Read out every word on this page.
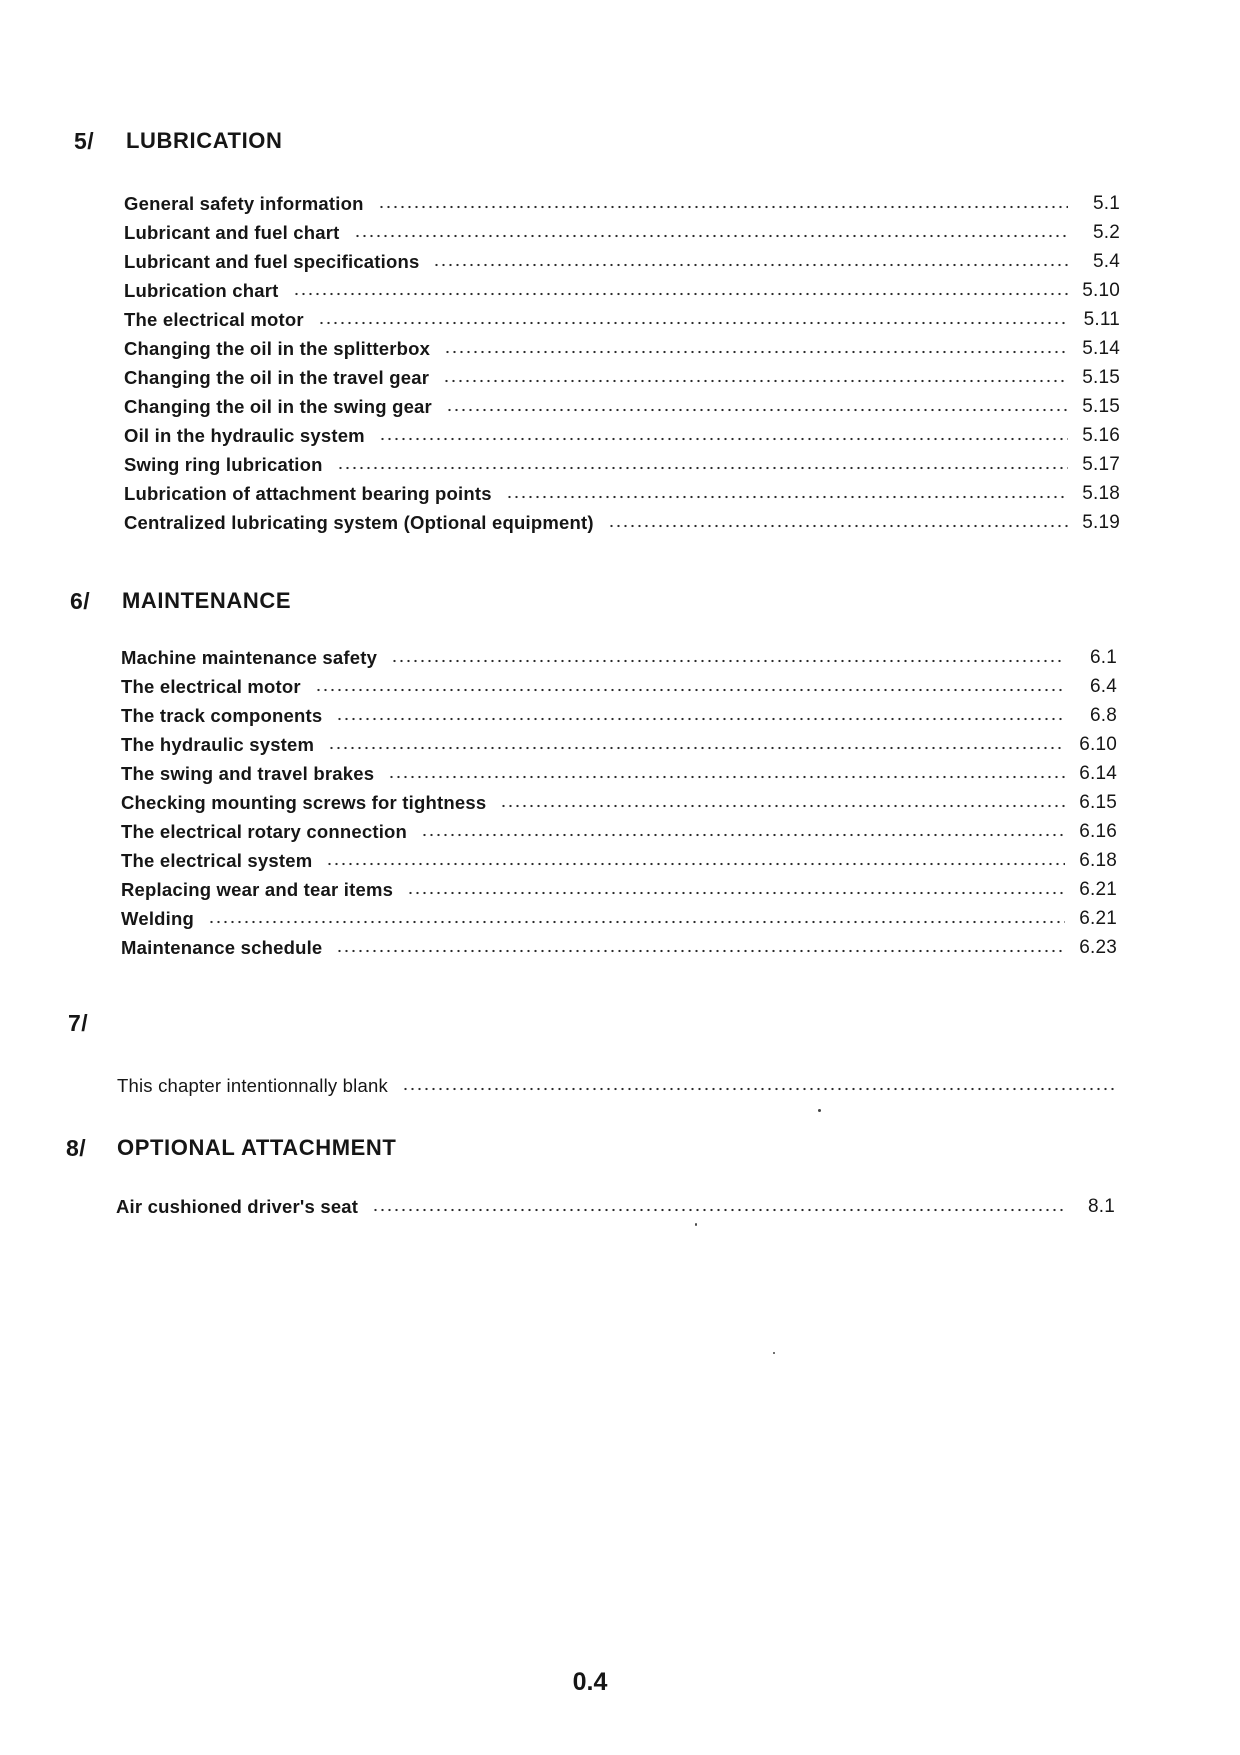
5/ LUBRICATION
General safety information	5.1
Lubricant and fuel chart	5.2
Lubricant and fuel specifications	5.4
Lubrication chart	5.10
The electrical motor	5.11
Changing the oil in the splitterbox	5.14
Changing the oil in the travel gear	5.15
Changing the oil in the swing gear	5.15
Oil in the hydraulic system	5.16
Swing ring lubrication	5.17
Lubrication of attachment bearing points	5.18
Centralized lubricating system (Optional equipment)	5.19
6/ MAINTENANCE
Machine maintenance safety	6.1
The electrical motor	6.4
The track components	6.8
The hydraulic system	6.10
The swing and travel brakes	6.14
Checking mounting screws for tightness	6.15
The electrical rotary connection	6.16
The electrical system	6.18
Replacing wear and tear items	6.21
Welding	6.21
Maintenance schedule	6.23
7/
This chapter intentionnally blank
8/ OPTIONAL ATTACHMENT
Air cushioned driver's seat	8.1
0.4
